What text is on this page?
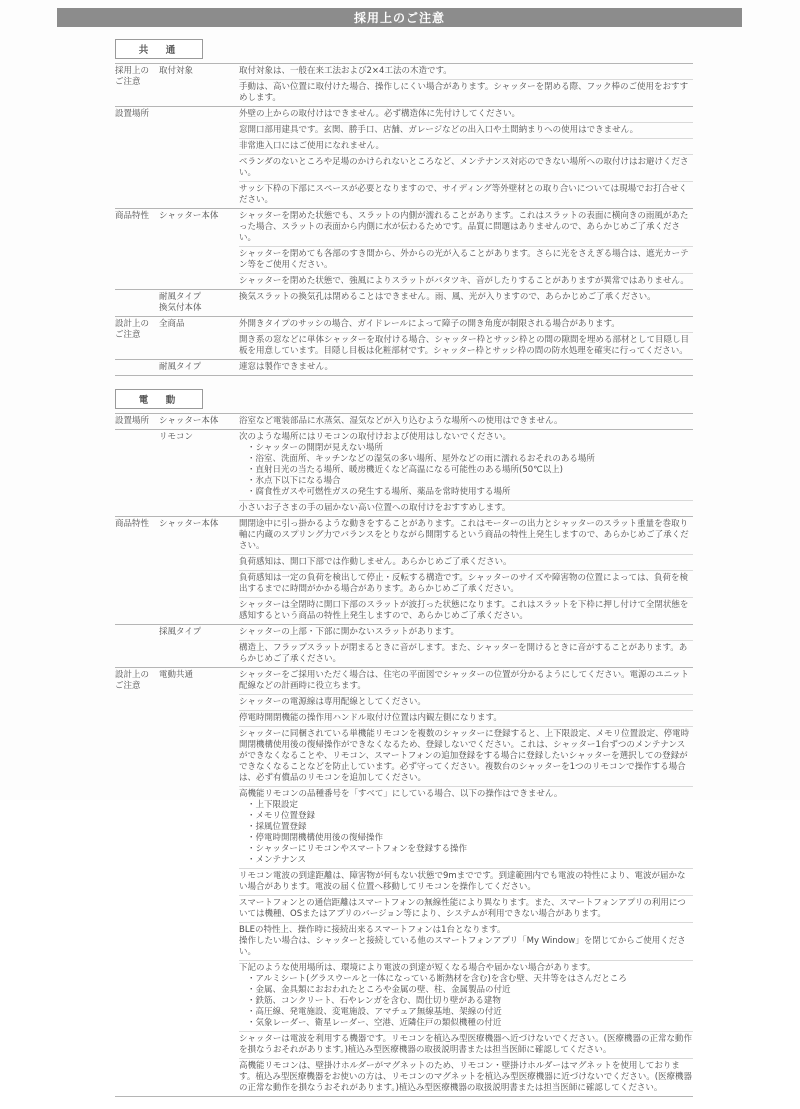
採用上のご注意
共　通
採用上の
ご注意
取付対象	取付対象は、一般在来工法および2×4工法の木造です。
手動は、高い位置に取付けた場合、操作しにくい場合があります。シャッターを閉める際、フック棒のご使用をおすすめします。
設置場所	外壁の上からの取付けはできません。必ず構造体に先付けしてください。
窓開口部用建具です。玄関、勝手口、店舗、ガレージなどの出入口や土間納まりへの使用はできません。
非常進入口にはご使用になれません。
ベランダのないところや足場のかけられないところなど、メンテナンス対応のできない場所への取付けはお避けください。
サッシ下枠の下部にスペースが必要となりますので、サイディング等外壁材との取り合いについては現場でお打合せください。
商品特性	シャッター本体	シャッターを閉めた状態でも、スラットの内側が濡れることがあります。これはスラットの表面に横向きの雨風があたった場合、スラットの表面から内側に水が伝わるためです。品質に問題はありませんので、あらかじめご了承ください。
シャッターを閉めても各部のすき間から、外からの光が入ることがあります。さらに光をさえぎる場合は、遮光カーテン等をご使用ください。
シャッターを閉めた状態で、強風によりスラットがバタツキ、音がしたりすることがありますが異常ではありません。
耐風タイプ
換気付本体
換気スラットの換気孔は閉めることはできません。雨、風、光が入りますので、あらかじめご了承ください。
設計上の
ご注意
全商品	外開きタイプのサッシの場合、ガイドレールによって障子の開き角度が制限される場合があります。
開き系の窓などに単体シャッターを取付ける場合、シャッター枠とサッシ枠との間の隙間を埋める部材として目隠し目板を用意しています。目隠し目板は化粧部材です。シャッター枠とサッシ枠の間の防水処理を確実に行ってください。
耐風タイプ	連窓は製作できません。
電　動
設置場所	シャッター本体	浴室など電装部品に水蒸気、湿気などが入り込むような場所への使用はできません。
リモコン	次のような場所にはリモコンの取付けおよび使用はしないでください。
・シャッターの開閉が見えない場所
・浴室、洗面所、キッチンなどの湿気の多い場所、屋外などの雨に濡れるおそれのある場所
・直射日光の当たる場所、暖房機近くなど高温になる可能性のある場所(50℃以上)
・氷点下以下になる場合
・腐食性ガスや可燃性ガスの発生する場所、薬品を常時使用する場所
小さいお子さまの手の届かない高い位置への取付けをおすすめします。
商品特性	シャッター本体	開閉途中に引っ掛かるような動きをすることがあります。これはモーターの出力とシャッターのスラット重量を巻取り軸に内蔵のスプリング力でバランスをとりながら開閉するという商品の特性上発生しますので、あらかじめご了承ください。
負荷感知は、開口下部では作動しません。あらかじめご了承ください。
負荷感知は一定の負荷を検出して停止・反転する構造です。シャッターのサイズや障害物の位置によっては、負荷を検出するまでに時間がかかる場合があります。あらかじめご了承ください。
シャッターは全閉時に開口下部のスラットが波打った状態になります。これはスラットを下枠に押し付けて全閉状態を感知するという商品の特性上発生しますので、あらかじめご了承ください。
採風タイプ	シャッターの上部・下部に開かないスラットがあります。
構造上、フラップスラットが閉まるときに音がします。また、シャッターを開けるときに音がすることがあります。あらかじめご了承ください。
設計上の
ご注意
電動共通	シャッターをご採用いただく場合は、住宅の平面図でシャッターの位置が分かるようにしてください。電源のユニット配線などの計画時に役立ちます。
シャッターの電源線は専用配線としてください。
停電時開閉機能の操作用ハンドル取付け位置は内観左側になります。
シャッターに同梱されている単機能リモコンを複数のシャッターに登録すると、上下限設定、メモリ位置設定、停電時開閉機構使用後の復帰操作ができなくなるため、登録しないでください。これは、シャッター1台ずつのメンテナンスができなくなることや、リモコン、スマートフォンの追加登録をする場合に登録したいシャッターを選択しての登録ができなくなることなどを防止しています。必ず守ってください。複数台のシャッターを1つのリモコンで操作する場合は、必ず有償品のリモコンを追加してください。
高機能リモコンの品種番号を「すべて」にしている場合、以下の操作はできません。
・上下限設定
・メモリ位置登録
・採風位置登録
・停電時開閉機構使用後の復帰操作
・シャッターにリモコンやスマートフォンを登録する操作
・メンテナンス
リモコン電波の到達距離は、障害物が何もない状態で9mまでです。到達範囲内でも電波の特性により、電波が届かない場合があります。電波の届く位置へ移動してリモコンを操作してください。
スマートフォンとの通信距離はスマートフォンの無線性能により異なります。また、スマートフォンアプリの利用については機種、OSまたはアプリのバージョン等により、システムが利用できない場合があります。
BLEの特性上、操作時に接続出来るスマートフォンは1台となります。
操作したい場合は、シャッターと接続している他のスマートフォンアプリ「My Window」を閉じてからご使用ください。
下記のような使用場所は、環境により電波の到達が短くなる場合や届かない場合があります。
・アルミシート(グラスウールと一体になっている断熱材を含む)を含む壁、天井等をはさんだところ
・金属、金具類におおわれたところや金属の壁、柱、金属製品の付近
・鉄筋、コンクリート、石やレンガを含む、間仕切り壁がある建物
・高圧線、発電施設、変電施設、アマチュア無線基地、架線の付近
・気象レーダー、衛星レーダー、空港、近隣住戸の類似機種の付近
シャッターは電波を利用する機器です。リモコンを植込み型医療機器へ近づけないでください。(医療機器の正常な動作を損なうおそれがあります。)植込み型医療機器の取扱説明書または担当医師に確認してください。
高機能リモコンは、壁掛けホルダーがマグネットのため、リモコン・壁掛けホルダーはマグネットを使用しております。植込み型医療機器をお使いの方は、リモコンのマグネットを植込み型医療機器に近づけないでください。(医療機器の正常な動作を損なうおそれがあります。)植込み型医療機器の取扱説明書または担当医師に確認してください。
